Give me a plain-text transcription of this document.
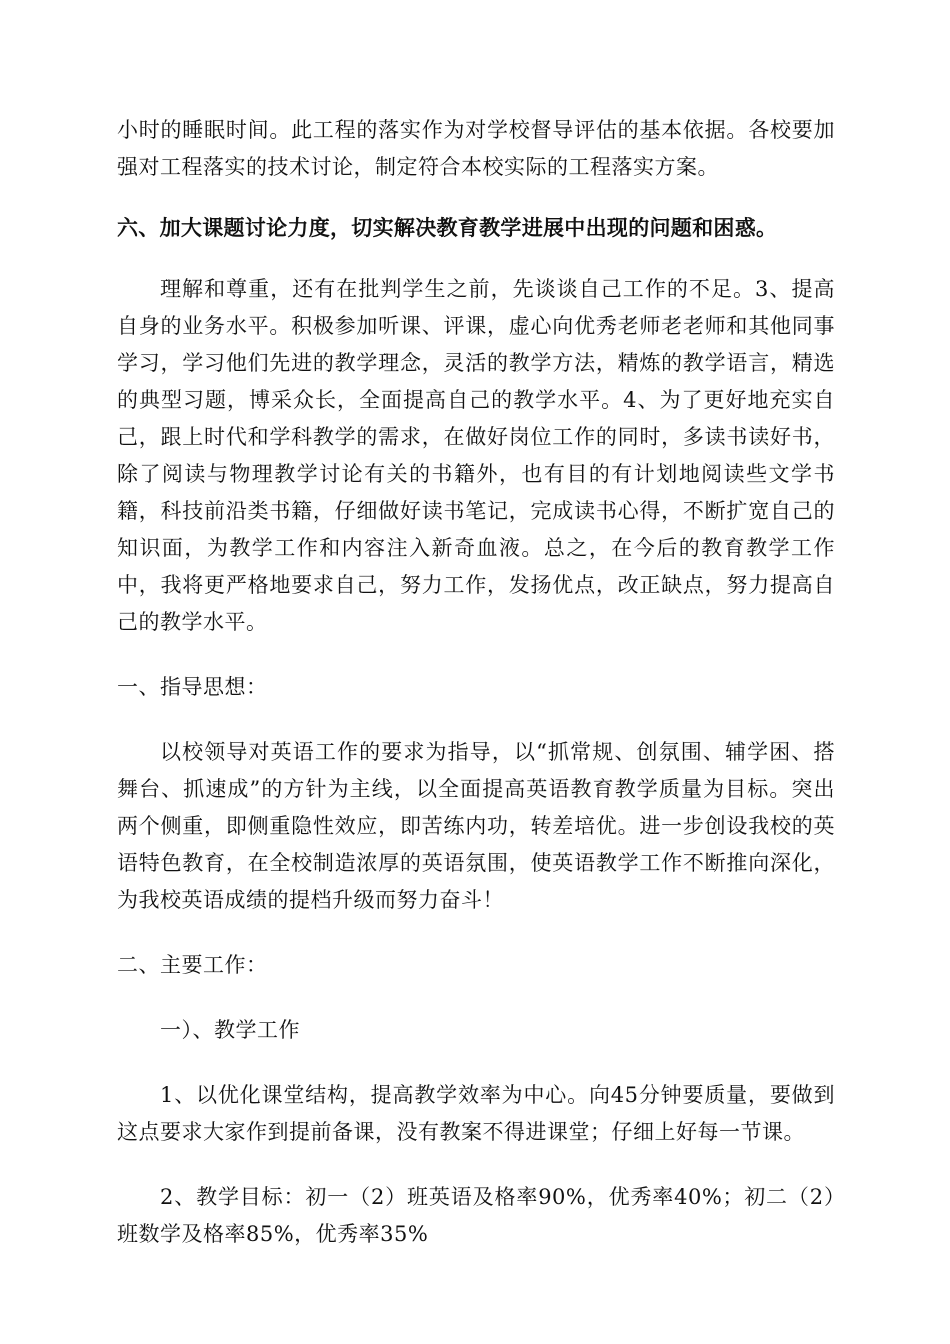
小时的睡眠时间。此工程的落实作为对学校督导评估的基本依据。各校要加强对工程落实的技术讨论，制定符合本校实际的工程落实方案。

六、加大课题讨论力度，切实解决教育教学进展中出现的问题和困惑。

理解和尊重，还有在批判学生之前，先谈谈自己工作的不足。3、提高自身的业务水平。积极参加听课、评课，虚心向优秀老师老老师和其他同事学习，学习他们先进的教学理念，灵活的教学方法，精炼的教学语言，精选的典型习题，博采众长，全面提高自己的教学水平。4、为了更好地充实自己，跟上时代和学科教学的需求，在做好岗位工作的同时，多读书读好书，除了阅读与物理教学讨论有关的书籍外，也有目的有计划地阅读些文学书籍，科技前沿类书籍，仔细做好读书笔记，完成读书心得，不断扩宽自己的知识面，为教学工作和内容注入新奇血液。总之，在今后的教育教学工作中，我将更严格地要求自己，努力工作，发扬优点，改正缺点，努力提高自己的教学水平。

一、指导思想：

以校领导对英语工作的要求为指导，以“抓常规、创氛围、辅学困、搭舞台、抓速成”的方针为主线，以全面提高英语教育教学质量为目标。突出两个侧重，即侧重隐性效应，即苦练内功，转差培优。进一步创设我校的英语特色教育，在全校制造浓厚的英语氛围，使英语教学工作不断推向深化，为我校英语成绩的提档升级而努力奋斗！

二、主要工作：

一）、教学工作

1、以优化课堂结构，提高教学效率为中心。向45分钟要质量，要做到这点要求大家作到提前备课，没有教案不得进课堂；仔细上好每一节课。

2、教学目标：初一（2）班英语及格率90%，优秀率40%；初二（2）班数学及格率85%，优秀率35%
